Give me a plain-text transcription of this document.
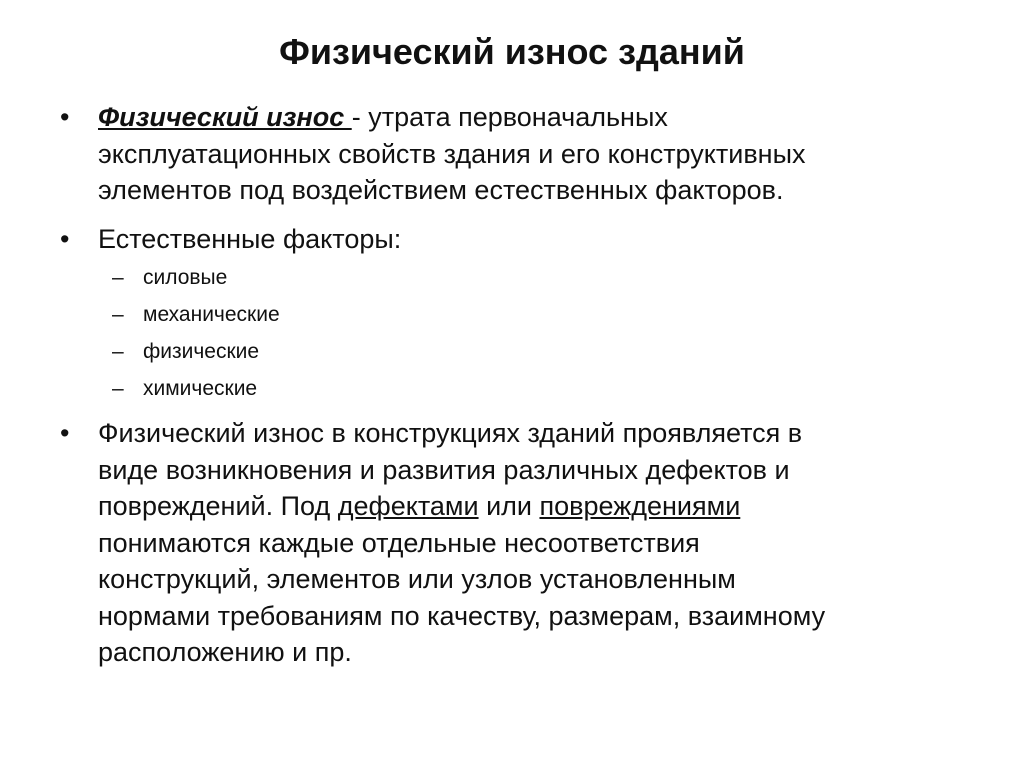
Физический износ зданий
•	Физический износ - утрата первоначальных
эксплуатационных свойств здания и его конструктивных
элементов под воздействием естественных факторов.
•	Естественные факторы:
– силовые
– механические
– физические
– химические
•	Физический износ в конструкциях зданий проявляется в
виде возникновения и развития различных дефектов и
повреждений. Под дефектами или повреждениями
понимаются каждые отдельные несоответствия
конструкций, элементов или узлов установленным
нормами требованиям по качеству, размерам, взаимному
расположению и пр.
